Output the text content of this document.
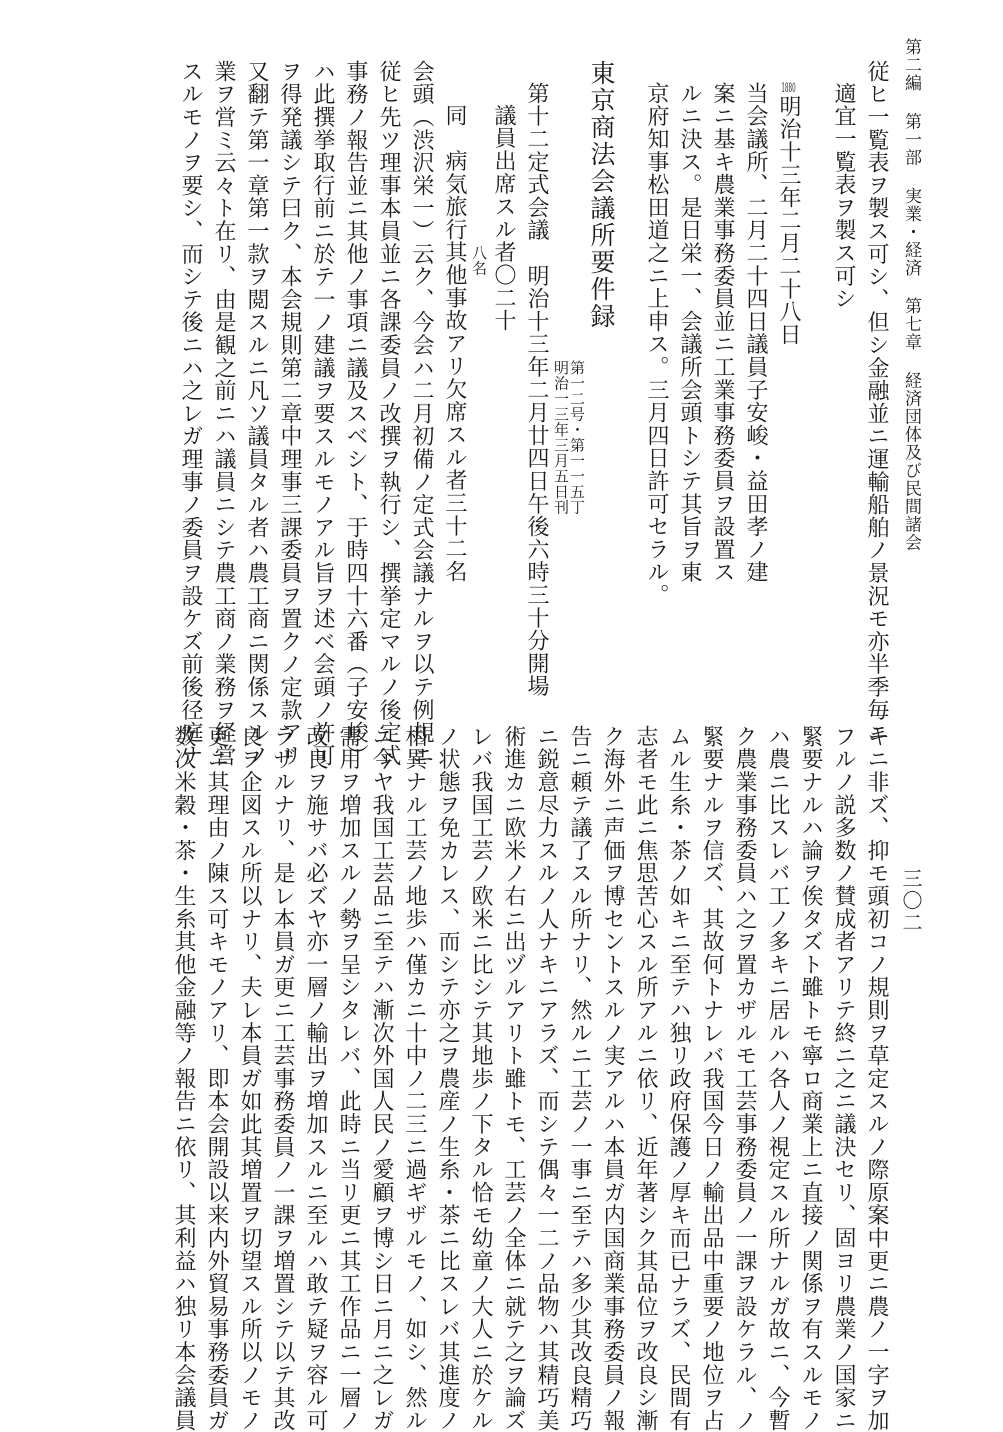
第二編 第一部 実業・経済 第七章 経済団体及び民間諸会
三〇二
従ヒ一覧表ヲ製ス可シ、但シ金融並ニ運輸船舶ノ景況モ亦半季毎ニ
適宜一覧表ヲ製ス可シ
1880明治十三年二月二十八日
当会議所、二月二十四日議員子安峻・益田孝ノ建
案ニ基キ農業事務委員並ニ工業事務委員ヲ設置ス
ルニ決ス。是日栄一、会議所会頭トシテ其旨ヲ東
京府知事松田道之ニ上申ス。三月四日許可セラル。
東京商法会議所要件録
第一二号・第一一五丁
明治一三年三月五日刊
第十二定式会議　明治十三年二月廿四日午後六時三十分開場
議員出席スル者〇二十
八名
同　病気旅行其他事故アリ欠席スル者三十二名
会頭（渋沢栄一）云ク、今会ハ二月初備ノ定式会議ナルヲ以テ例規ニ
従ヒ先ツ理事本員並ニ各課委員ノ改撰ヲ執行シ、撰挙定マルノ後定式
事務ノ報告並ニ其他ノ事項ニ議及スベシト、于時四十六番（子安峻）
ハ此撰挙取行前ニ於テ一ノ建議ヲ要スルモノアル旨ヲ述ベ会頭ノ許可
ヲ得発議シテ曰ク、本会規則第二章中理事三課委員ヲ置クノ定款アリ
又翻テ第一章第一款ヲ閲スルニ凡ソ議員タル者ハ農工商ニ関係スルノ
業ヲ営ミ云々ト在リ、由是観之前ニハ議員ニシテ農工商ノ業務ヲ経営
スルモノヲ要シ、而シテ後ニハ之レガ理事ノ委員ヲ設ケズ前後径庭ナ
キニ非ズ、抑モ頭初コノ規則ヲ草定スルノ際原案中更ニ農ノ一字ヲ加
フルノ説多数ノ賛成者アリテ終ニ之ニ議決セリ、固ヨリ農業ノ国家ニ
緊要ナルハ論ヲ俟タズト雖トモ寧ロ商業上ニ直接ノ関係ヲ有スルモノ
ハ農ニ比スレバ工ノ多キニ居ルハ各人ノ視定スル所ナルガ故ニ、今暫
ク農業事務委員ハ之ヲ置カザルモ工芸事務委員ノ一課ヲ設ケラル、ノ
緊要ナルヲ信ズ、其故何トナレバ我国今日ノ輸出品中重要ノ地位ヲ占
ムル生糸・茶ノ如キニ至テハ独リ政府保護ノ厚キ而已ナラズ、民間有
志者モ此ニ焦思苦心スル所アルニ依リ、近年著シク其品位ヲ改良シ漸
ク海外ニ声価ヲ博セントスルノ実アルハ本員ガ内国商業事務委員ノ報
告ニ頼テ議了スル所ナリ、然ルニ工芸ノ一事ニ至テハ多少其改良精巧
ニ鋭意尽力スルノ人ナキニアラズ、而シテ偶々一二ノ品物ハ其精巧美
術進カニ欧米ノ右ニ出ヅルアリト雖トモ、工芸ノ全体ニ就テ之ヲ論ズ
レバ我国工芸ノ欧米ニ比シテ其地歩ノ下タル恰モ幼童ノ大人ニ於ケル
ノ状態ヲ免カレス、而シテ亦之ヲ農産ノ生糸・茶ニ比スレバ其進度ノ
相異ナル工芸ノ地歩ハ僅カニ十中ノ二三ニ過ギザルモノ、如シ、然ル
ニ今ヤ我国工芸品ニ至テハ漸次外国人民ノ愛顧ヲ博シ日ニ月ニ之レガ
需用ヲ増加スルノ勢ヲ呈シタレバ、此時ニ当リ更ニ其工作品ニ一層ノ
改良ヲ施サバ必ズヤ亦一層ノ輸出ヲ増加スルニ至ルハ敢テ疑ヲ容ル可
ラザルナリ、是レ本員ガ更ニ工芸事務委員ノ一課ヲ増置シテ以テ其改
良ヲ企図スル所以ナリ、夫レ本員ガ如此其増置ヲ切望スル所以ノモノ
更ニ其理由ノ陳ス可キモノアリ、即本会開設以来内外貿易事務委員ガ
数次米穀・茶・生糸其他金融等ノ報告ニ依リ、其利益ハ独リ本会議員
